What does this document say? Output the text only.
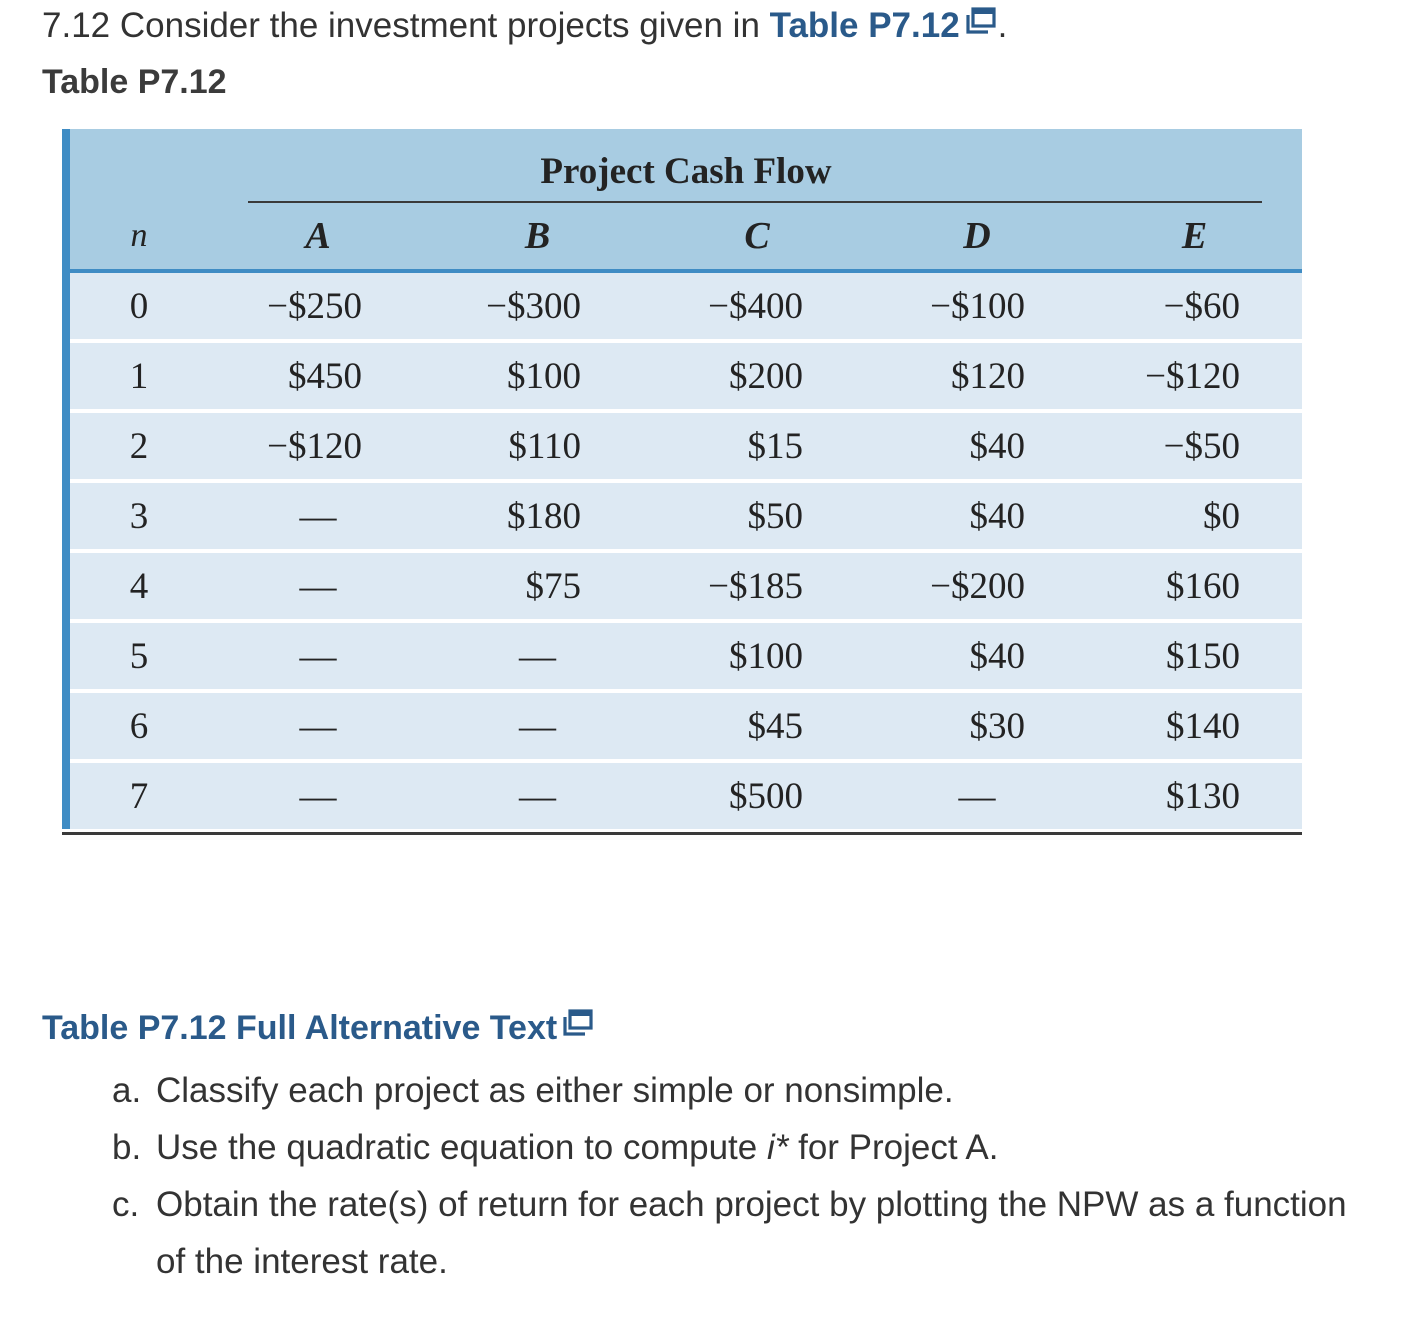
7.12 Consider the investment projects given in Table P7.12 .
Table P7.12
Project Cash Flow					

n	A	B	C	D	E
0	−$250	−$300	−$400	−$100	−$60
1	$450	$100	$200	$120	−$120
2	−$120	$110	$15	$40	−$50
3	—	$180	$50	$40	$0
4	—	$75	−$185	−$200	$160
5	—	—	$100	$40	$150
6	—	—	$45	$30	$140
7	—	—	$500	—	$130
Table P7.12 Full Alternative Text
a. Classify each project as either simple or nonsimple.
b. Use the quadratic equation to compute i* for Project A.
c. Obtain the rate(s) of return for each project by plotting the NPW as a function of the interest rate.
